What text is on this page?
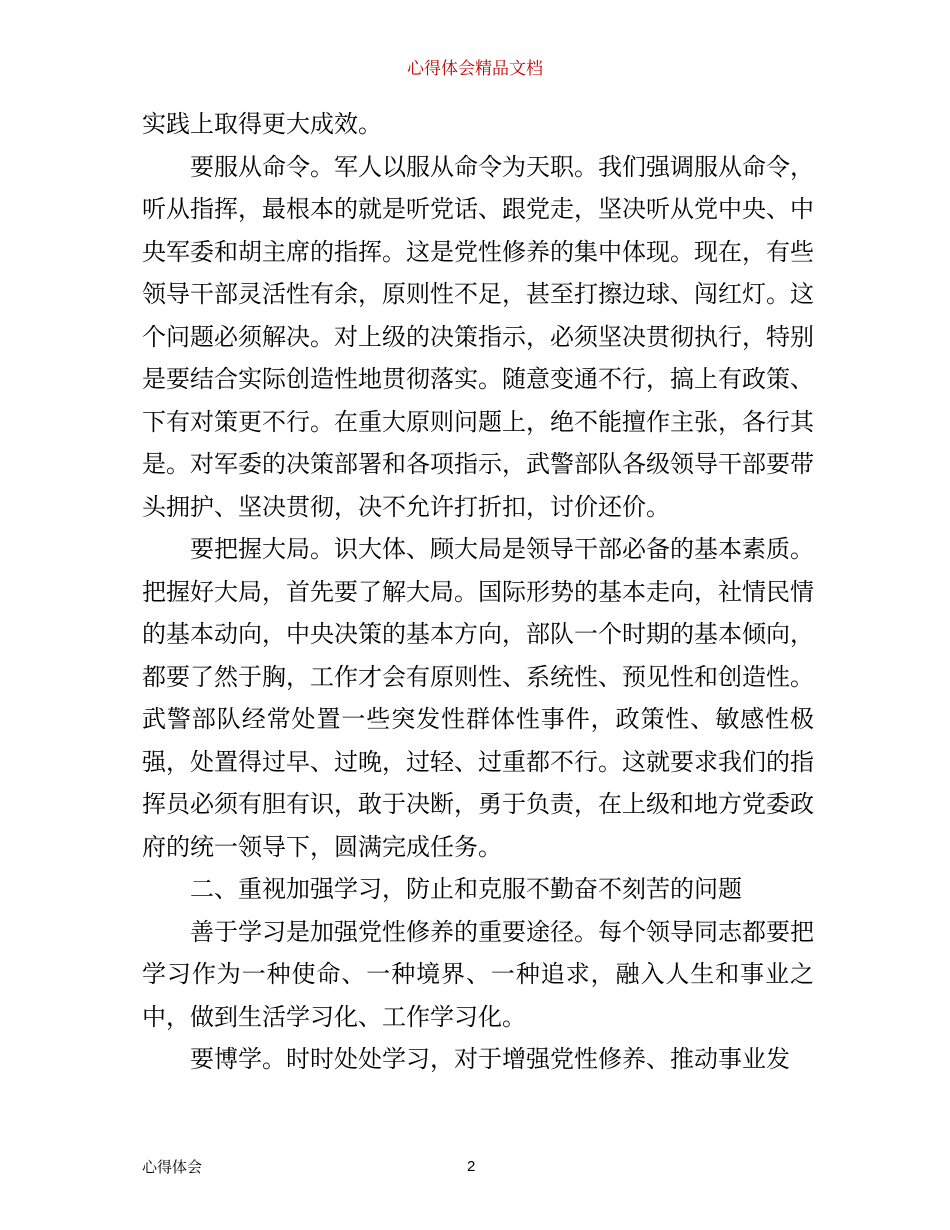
心得体会精品文档

实践上取得更大成效。

要服从命令。军人以服从命令为天职。我们强调服从命令，听从指挥，最根本的就是听党话、跟党走，坚决听从党中央、中央军委和胡主席的指挥。这是党性修养的集中体现。现在，有些领导干部灵活性有余，原则性不足，甚至打擦边球、闯红灯。这个问题必须解决。对上级的决策指示，必须坚决贯彻执行，特别是要结合实际创造性地贯彻落实。随意变通不行，搞上有政策、下有对策更不行。在重大原则问题上，绝不能擅作主张，各行其是。对军委的决策部署和各项指示，武警部队各级领导干部要带头拥护、坚决贯彻，决不允许打折扣，讨价还价。

要把握大局。识大体、顾大局是领导干部必备的基本素质。把握好大局，首先要了解大局。国际形势的基本走向，社情民情的基本动向，中央决策的基本方向，部队一个时期的基本倾向，都要了然于胸，工作才会有原则性、系统性、预见性和创造性。武警部队经常处置一些突发性群体性事件，政策性、敏感性极强，处置得过早、过晚，过轻、过重都不行。这就要求我们的指挥员必须有胆有识，敢于决断，勇于负责，在上级和地方党委政府的统一领导下，圆满完成任务。

二、重视加强学习，防止和克服不勤奋不刻苦的问题

善于学习是加强党性修养的重要途径。每个领导同志都要把学习作为一种使命、一种境界、一种追求，融入人生和事业之中，做到生活学习化、工作学习化。

要博学。时时处处学习，对于增强党性修养、推动事业发

心得体会	2
